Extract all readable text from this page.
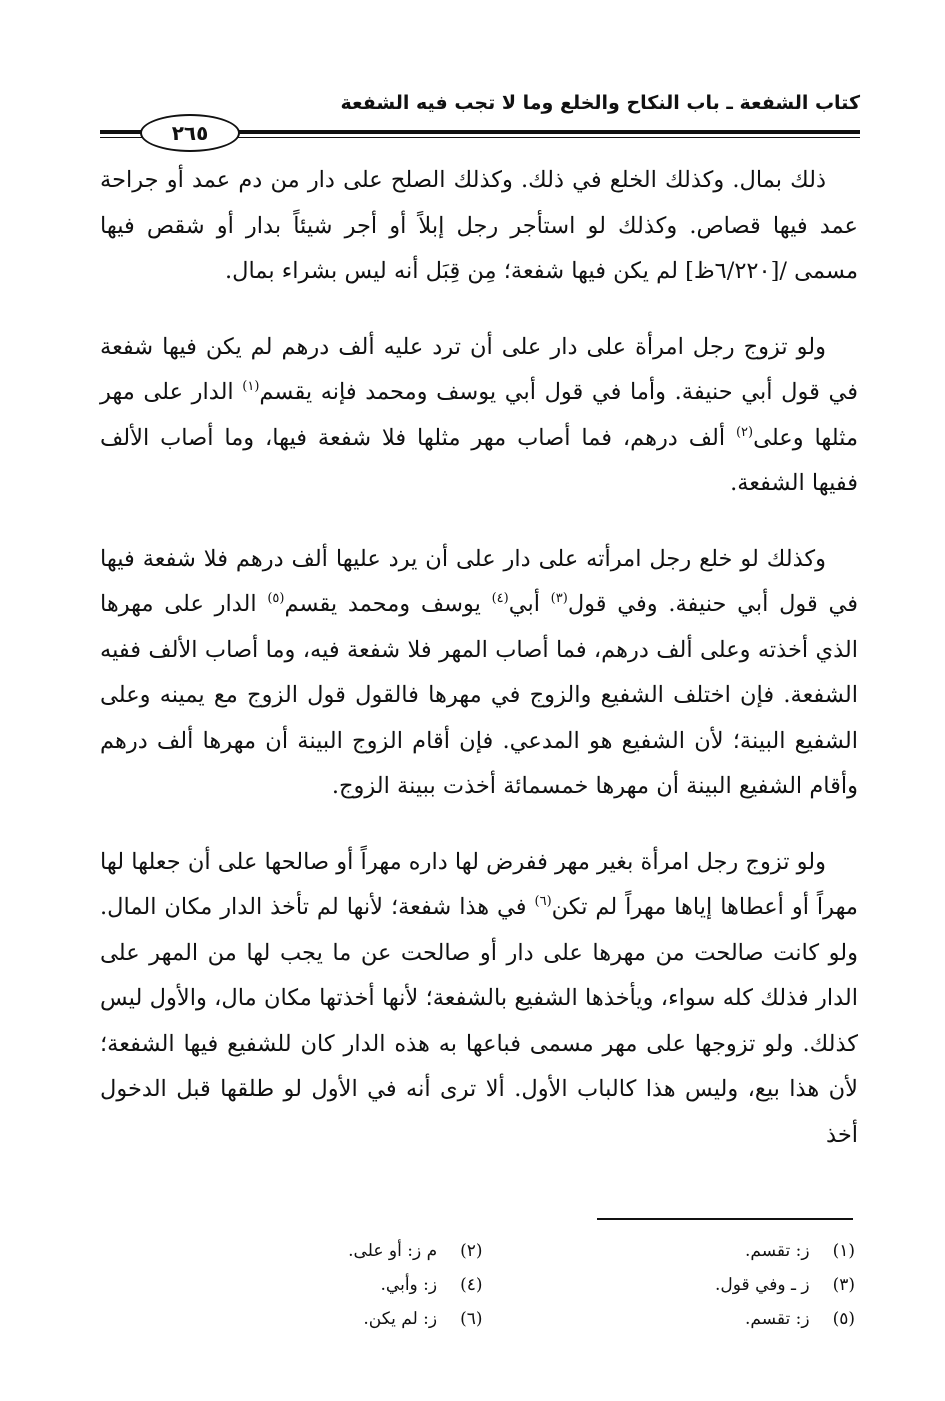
كتاب الشفعة ـ باب النكاح والخلع وما لا تجب فيه الشفعة
٢٦٥

ذلك بمال. وكذلك الخلع في ذلك. وكذلك الصلح على دار من دم عمد أو جراحة عمد فيها قصاص. وكذلك لو استأجر رجل إبلاً أو أجر شيئاً بدار أو شقص فيها مسمى /[٦/٢٢٠ظ] لم يكن فيها شفعة؛ مِن قِبَل أنه ليس بشراء بمال.

ولو تزوج رجل امرأة على دار على أن ترد عليه ألف درهم لم يكن فيها شفعة في قول أبي حنيفة. وأما في قول أبي يوسف ومحمد فإنه يقسم$^{(١)}$ الدار على مهر مثلها وعلى$^{(٢)}$ ألف درهم، فما أصاب مهر مثلها فلا شفعة فيها، وما أصاب الألف ففيها الشفعة.

وكذلك لو خلع رجل امرأته على دار على أن يرد عليها ألف درهم فلا شفعة فيها في قول أبي حنيفة. وفي قول$^{(٣)}$ أبي$^{(٤)}$ يوسف ومحمد يقسم$^{(٥)}$ الدار على مهرها الذي أخذته وعلى ألف درهم، فما أصاب المهر فلا شفعة فيه، وما أصاب الألف ففيه الشفعة. فإن اختلف الشفيع والزوج في مهرها فالقول قول الزوج مع يمينه وعلى الشفيع البينة؛ لأن الشفيع هو المدعي. فإن أقام الزوج البينة أن مهرها ألف درهم وأقام الشفيع البينة أن مهرها خمسمائة أخذت ببينة الزوج.

ولو تزوج رجل امرأة بغير مهر ففرض لها داره مهراً أو صالحها على أن جعلها لها مهراً أو أعطاها إياها مهراً لم تكن$^{(٦)}$ في هذا شفعة؛ لأنها لم تأخذ الدار مكان المال. ولو كانت صالحت من مهرها على دار أو صالحت عن ما يجب لها من المهر على الدار فذلك كله سواء، ويأخذها الشفيع بالشفعة؛ لأنها أخذتها مكان مال، والأول ليس كذلك. ولو تزوجها على مهر مسمى فباعها به هذه الدار كان للشفيع فيها الشفعة؛ لأن هذا بيع، وليس هذا كالباب الأول. ألا ترى أنه في الأول لو طلقها قبل الدخول أخذ

(١) ز: تقسم.
(٢) م ز: أو على.
(٣) ز ـ وفي قول.
(٤) ز: وأبي.
(٥) ز: تقسم.
(٦) ز: لم يكن.
